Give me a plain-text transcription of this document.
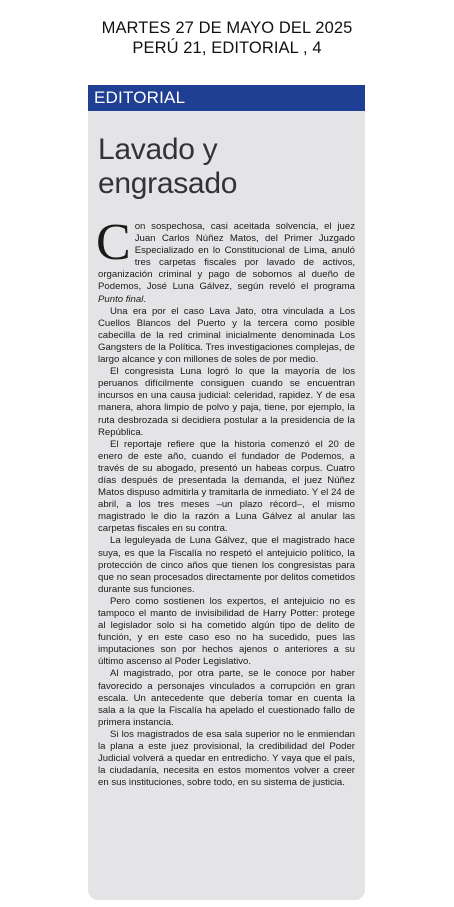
MARTES 27 DE MAYO DEL 2025
PERÚ 21, EDITORIAL , 4
EDITORIAL
Lavado y
engrasado

Con sospechosa, casi aceitada solvencia, el juez Juan Carlos Núñez Matos, del Primer Juzgado Especializado en lo Constitucional de Lima, anuló tres carpetas fiscales por lavado de activos, organización criminal y pago de sobornos al dueño de Podemos, José Luna Gálvez, según reveló el programa Punto final.

Una era por el caso Lava Jato, otra vinculada a Los Cuellos Blancos del Puerto y la tercera como posible cabecilla de la red criminal inicialmente denominada Los Gangsters de la Política. Tres investigaciones complejas, de largo alcance y con millones de soles de por medio.

El congresista Luna logró lo que la mayoría de los peruanos difícilmente consiguen cuando se encuentran incursos en una causa judicial: celeridad, rapidez. Y de esa manera, ahora limpio de polvo y paja, tiene, por ejemplo, la ruta desbrozada si decidiera postular a la presidencia de la República.

El reportaje refiere que la historia comenzó el 20 de enero de este año, cuando el fundador de Podemos, a través de su abogado, presentó un habeas corpus. Cuatro días después de presentada la demanda, el juez Núñez Matos dispuso admitirla y tramitarla de inmediato. Y el 24 de abril, a los tres meses –un plazo récord–, el mismo magistrado le dio la razón a Luna Gálvez al anular las carpetas fiscales en su contra.

La leguleyada de Luna Gálvez, que el magistrado hace suya, es que la Fiscalía no respetó el antejuicio político, la protección de cinco años que tienen los congresistas para que no sean procesados directamente por delitos cometidos durante sus funciones.

Pero como sostienen los expertos, el antejuicio no es tampoco el manto de invisibilidad de Harry Potter: protege al legislador solo si ha cometido algún tipo de delito de función, y en este caso eso no ha sucedido, pues las imputaciones son por hechos ajenos o anteriores a su último ascenso al Poder Legislativo.

Al magistrado, por otra parte, se le conoce por haber favorecido a personajes vinculados a corrupción en gran escala. Un antecedente que debería tomar en cuenta la sala a la que la Fiscalía ha apelado el cuestionado fallo de primera instancia.

Si los magistrados de esa sala superior no le enmiendan la plana a este juez provisional, la credibilidad del Poder Judicial volverá a quedar en entredicho. Y vaya que el país, la ciudadanía, necesita en estos momentos volver a creer en sus instituciones, sobre todo, en su sistema de justicia.
